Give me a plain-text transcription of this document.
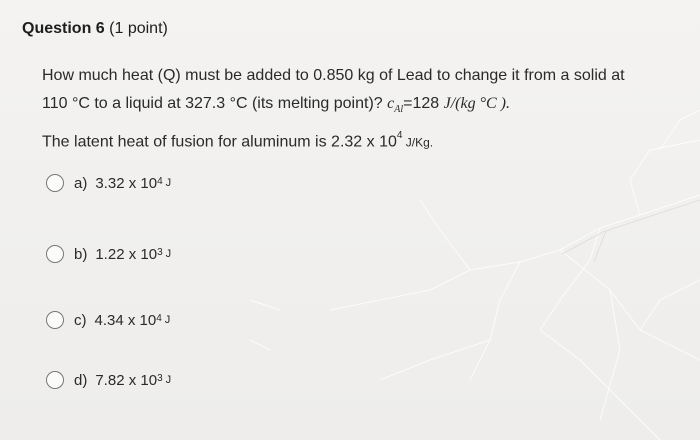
Question 6 (1 point)
How much heat (Q) must be added to 0.850 kg of Lead to change it from a solid at
110 °C to a liquid at 327.3 °C (its melting point)? $c_{Al}=128$ J/(kg °C ).
The latent heat of fusion for aluminum is 2.32 x $10^4$ J/Kg.
a) 3.32 x $10^4$ J
b) 1.22 x $10^3$ J
c) 4.34 x $10^4$ J
d) 7.82 x $10^3$ J
